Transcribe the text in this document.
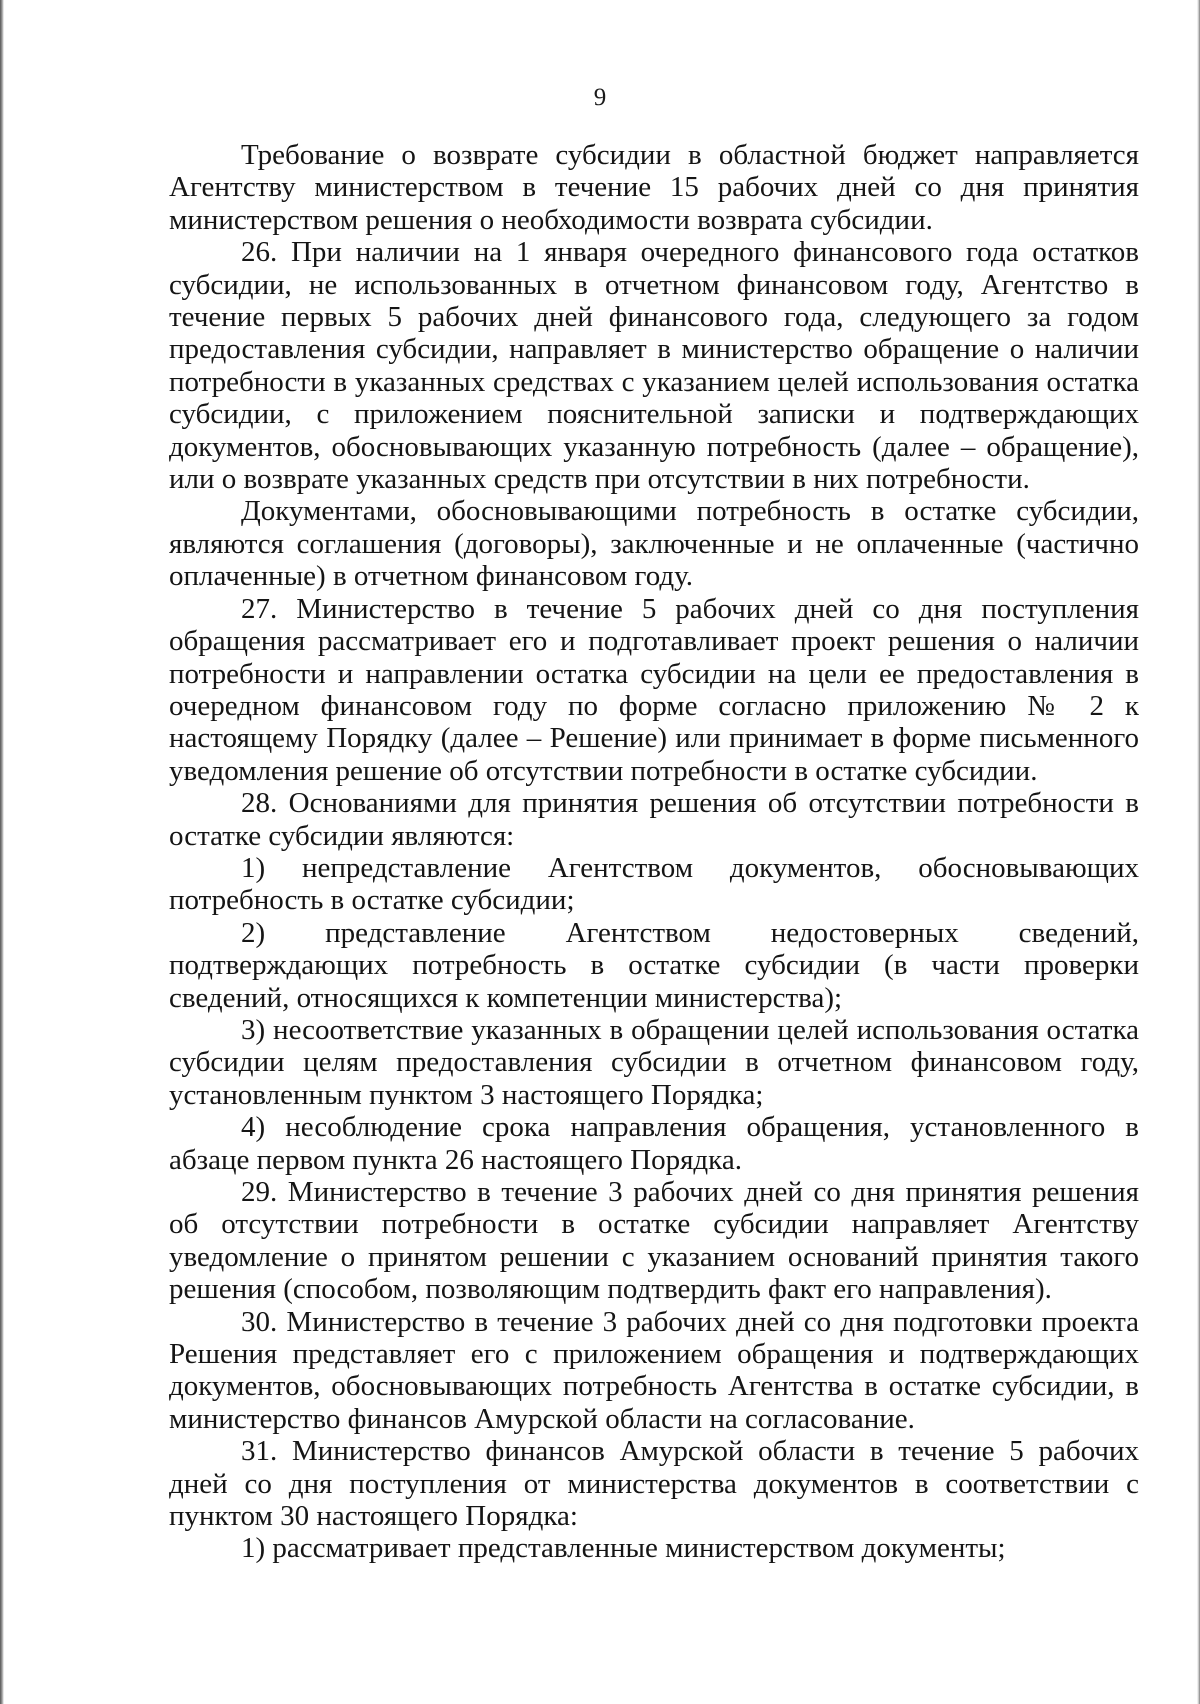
9

Требование о возврате субсидии в областной бюджет направляется Агентству министерством в течение 15 рабочих дней со дня принятия министерством решения о необходимости возврата субсидии.

26. При наличии на 1 января очередного финансового года остатков субсидии, не использованных в отчетном финансовом году, Агентство в течение первых 5 рабочих дней финансового года, следующего за годом предоставления субсидии, направляет в министерство обращение о наличии потребности в указанных средствах с указанием целей использования остатка субсидии, с приложением пояснительной записки и подтверждающих документов, обосновывающих указанную потребность (далее – обращение), или о возврате указанных средств при отсутствии в них потребности.

Документами, обосновывающими потребность в остатке субсидии, являются соглашения (договоры), заключенные и не оплаченные (частично оплаченные) в отчетном финансовом году.

27. Министерство в течение 5 рабочих дней со дня поступления обращения рассматривает его и подготавливает проект решения о наличии потребности и направлении остатка субсидии на цели ее предоставления в очередном финансовом году по форме согласно приложению № 2 к настоящему Порядку (далее – Решение) или принимает в форме письменного уведомления решение об отсутствии потребности в остатке субсидии.

28. Основаниями для принятия решения об отсутствии потребности в остатке субсидии являются:

1) непредставление Агентством документов, обосновывающих потребность в остатке субсидии;

2) представление Агентством недостоверных сведений, подтверждающих потребность в остатке субсидии (в части проверки сведений, относящихся к компетенции министерства);

3) несоответствие указанных в обращении целей использования остатка субсидии целям предоставления субсидии в отчетном финансовом году, установленным пунктом 3 настоящего Порядка;

4) несоблюдение срока направления обращения, установленного в абзаце первом пункта 26 настоящего Порядка.

29. Министерство в течение 3 рабочих дней со дня принятия решения об отсутствии потребности в остатке субсидии направляет Агентству уведомление о принятом решении с указанием оснований принятия такого решения (способом, позволяющим подтвердить факт его направления).

30. Министерство в течение 3 рабочих дней со дня подготовки проекта Решения представляет его с приложением обращения и подтверждающих документов, обосновывающих потребность Агентства в остатке субсидии, в министерство финансов Амурской области на согласование.

31. Министерство финансов Амурской области в течение 5 рабочих дней со дня поступления от министерства документов в соответствии с пунктом 30 настоящего Порядка:

1) рассматривает представленные министерством документы;
